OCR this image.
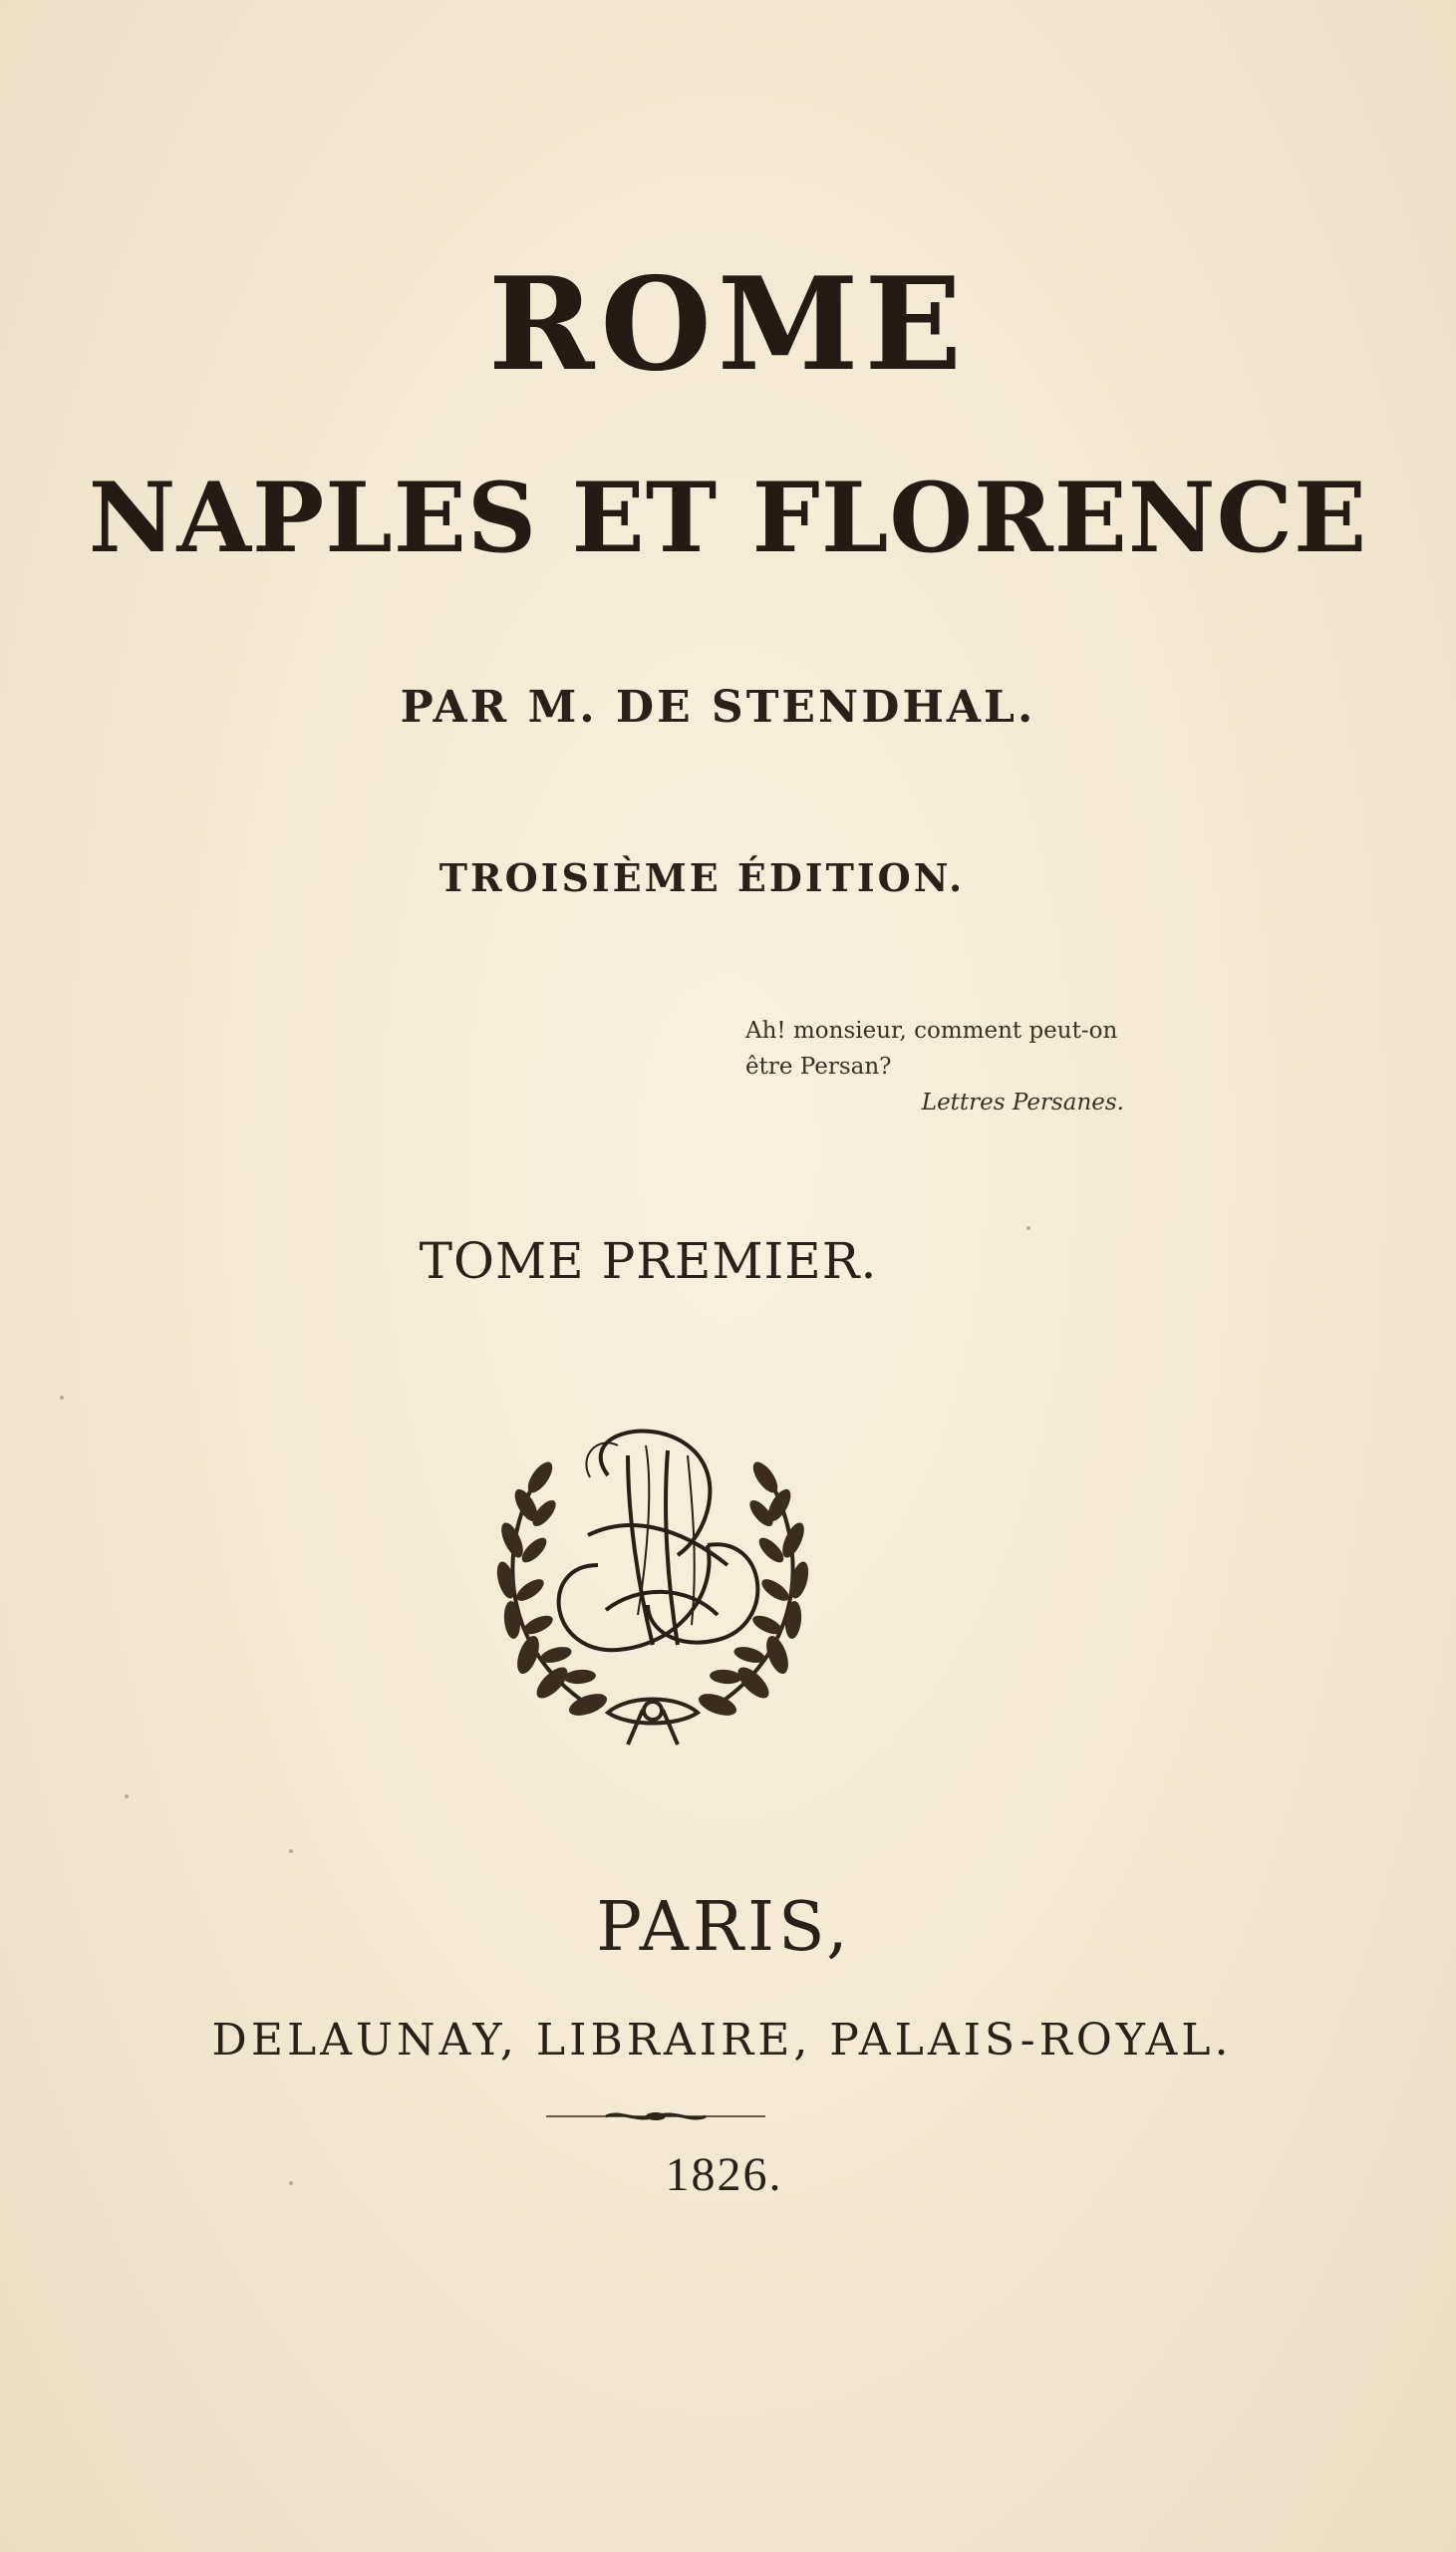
ROME
NAPLES ET FLORENCE
PAR M. DE STENDHAL.
TROISIÈME ÉDITION.
Ah! monsieur, comment peut-on
être Persan?
Lettres Persanes.
TOME PREMIER.
PARIS,
DELAUNAY, LIBRAIRE, PALAIS-ROYAL.
1826.
